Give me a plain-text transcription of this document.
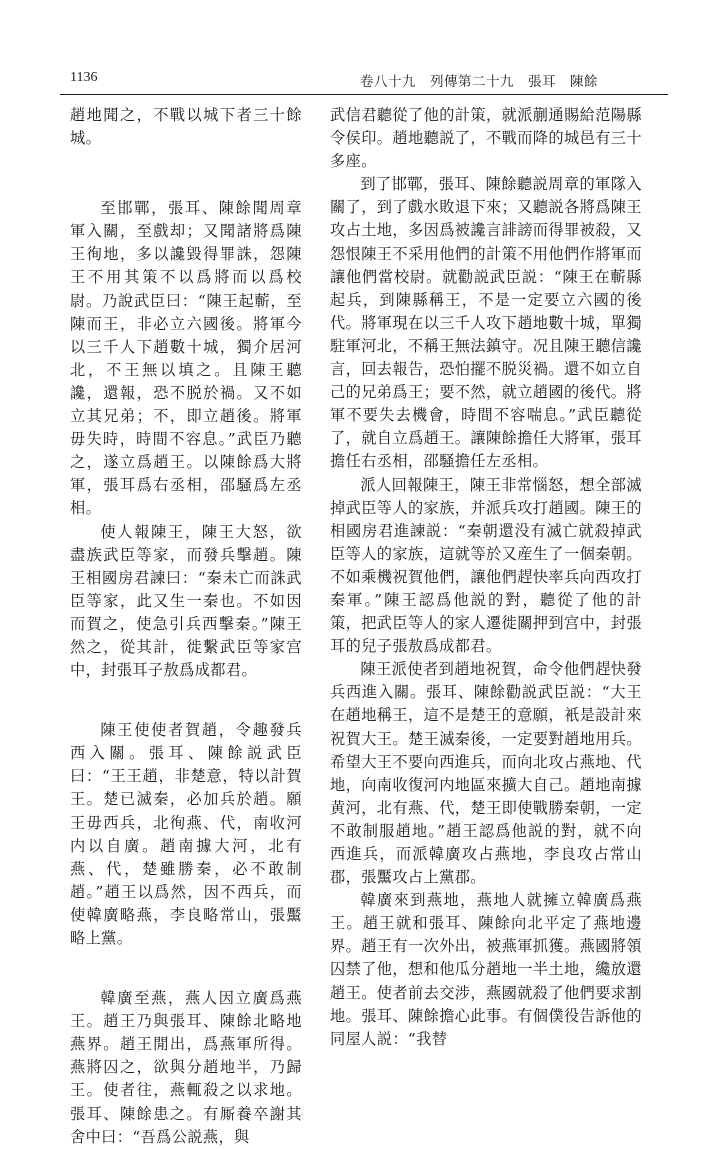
1136	卷八十九　列傳第二十九　張耳　陳餘

趙地聞之，不戰以城下者三十餘城。

至邯鄲，張耳、陳餘聞周章軍入關，至戲却；又聞諸將爲陳王徇地，多以讒毀得罪誅，怨陳王不用其策不以爲將而以爲校尉。乃說武臣曰：“陳王起蘄，至陳而王，非必立六國後。將軍今以三千人下趙數十城，獨介居河北，不王無以填之。且陳王聽讒，還報，恐不脱於禍。又不如立其兄弟；不，即立趙後。將軍毋失時，時間不容息。”武臣乃聽之，遂立爲趙王。以陳餘爲大將軍，張耳爲右丞相，邵騒爲左丞相。

使人報陳王，陳王大怒，欲盡族武臣等家，而發兵擊趙。陳王相國房君諫曰：“秦未亡而誅武臣等家，此又生一秦也。不如因而賀之，使急引兵西擊秦。”陳王然之，從其計，徙繫武臣等家宫中，封張耳子敖爲成都君。

陳王使使者賀趙，令趣發兵西入關。張耳、陳餘説武臣曰：“王王趙，非楚意，特以計賀王。楚已滅秦，必加兵於趙。願王毋西兵，北徇燕、代，南收河内以自廣。趙南據大河，北有燕、代，楚雖勝秦，必不敢制趙。”趙王以爲然，因不西兵，而使韓廣略燕，李良略常山，張黶略上黨。

韓廣至燕，燕人因立廣爲燕王。趙王乃與張耳、陳餘北略地燕界。趙王閒出，爲燕軍所得。燕將囚之，欲與分趙地半，乃歸王。使者往，燕輒殺之以求地。張耳、陳餘患之。有厮養卒謝其舍中曰：“吾爲公説燕，與

武信君聽從了他的計策，就派蒯通賜給范陽縣令侯印。趙地聽説了，不戰而降的城邑有三十多座。

到了邯鄲，張耳、陳餘聽説周章的軍隊入關了，到了戲水敗退下來；又聽説各將爲陳王攻占土地，多因爲被讒言誹謗而得罪被殺，又怨恨陳王不采用他們的計策不用他們作將軍而讓他們當校尉。就勸説武臣説：“陳王在蘄縣起兵，到陳縣稱王，不是一定要立六國的後代。將軍現在以三千人攻下趙地數十城，單獨駐軍河北，不稱王無法鎮守。况且陳王聽信讒言，回去報告，恐怕擺不脱災禍。還不如立自己的兄弟爲王；要不然，就立趙國的後代。將軍不要失去機會，時間不容喘息。”武臣聽從了，就自立爲趙王。讓陳餘擔任大將軍，張耳擔任右丞相，邵騒擔任左丞相。

派人回報陳王，陳王非常惱怒，想全部滅掉武臣等人的家族，并派兵攻打趙國。陳王的相國房君進諫説：“秦朝還没有滅亡就殺掉武臣等人的家族，這就等於又産生了一個秦朝。不如乘機祝賀他們，讓他們趕快率兵向西攻打秦軍。”陳王認爲他説的對，聽從了他的計策，把武臣等人的家人遷徙關押到宫中，封張耳的兒子張敖爲成都君。

陳王派使者到趙地祝賀，命令他們趕快發兵西進入關。張耳、陳餘勸説武臣説：“大王在趙地稱王，這不是楚王的意願，衹是設計來祝賀大王。楚王滅秦後，一定要對趙地用兵。希望大王不要向西進兵，而向北攻占燕地、代地，向南收復河内地區來擴大自己。趙地南據黄河，北有燕、代，楚王即使戰勝秦朝，一定不敢制服趙地。”趙王認爲他説的對，就不向西進兵，而派韓廣攻占燕地，李良攻占常山郡，張黶攻占上黨郡。

韓廣來到燕地，燕地人就擁立韓廣爲燕王。趙王就和張耳、陳餘向北平定了燕地邊界。趙王有一次外出，被燕軍抓獲。燕國將領囚禁了他，想和他瓜分趙地一半土地，纔放還趙王。使者前去交涉，燕國就殺了他們要求割地。張耳、陳餘擔心此事。有個僕役告訴他的同屋人説：“我替
